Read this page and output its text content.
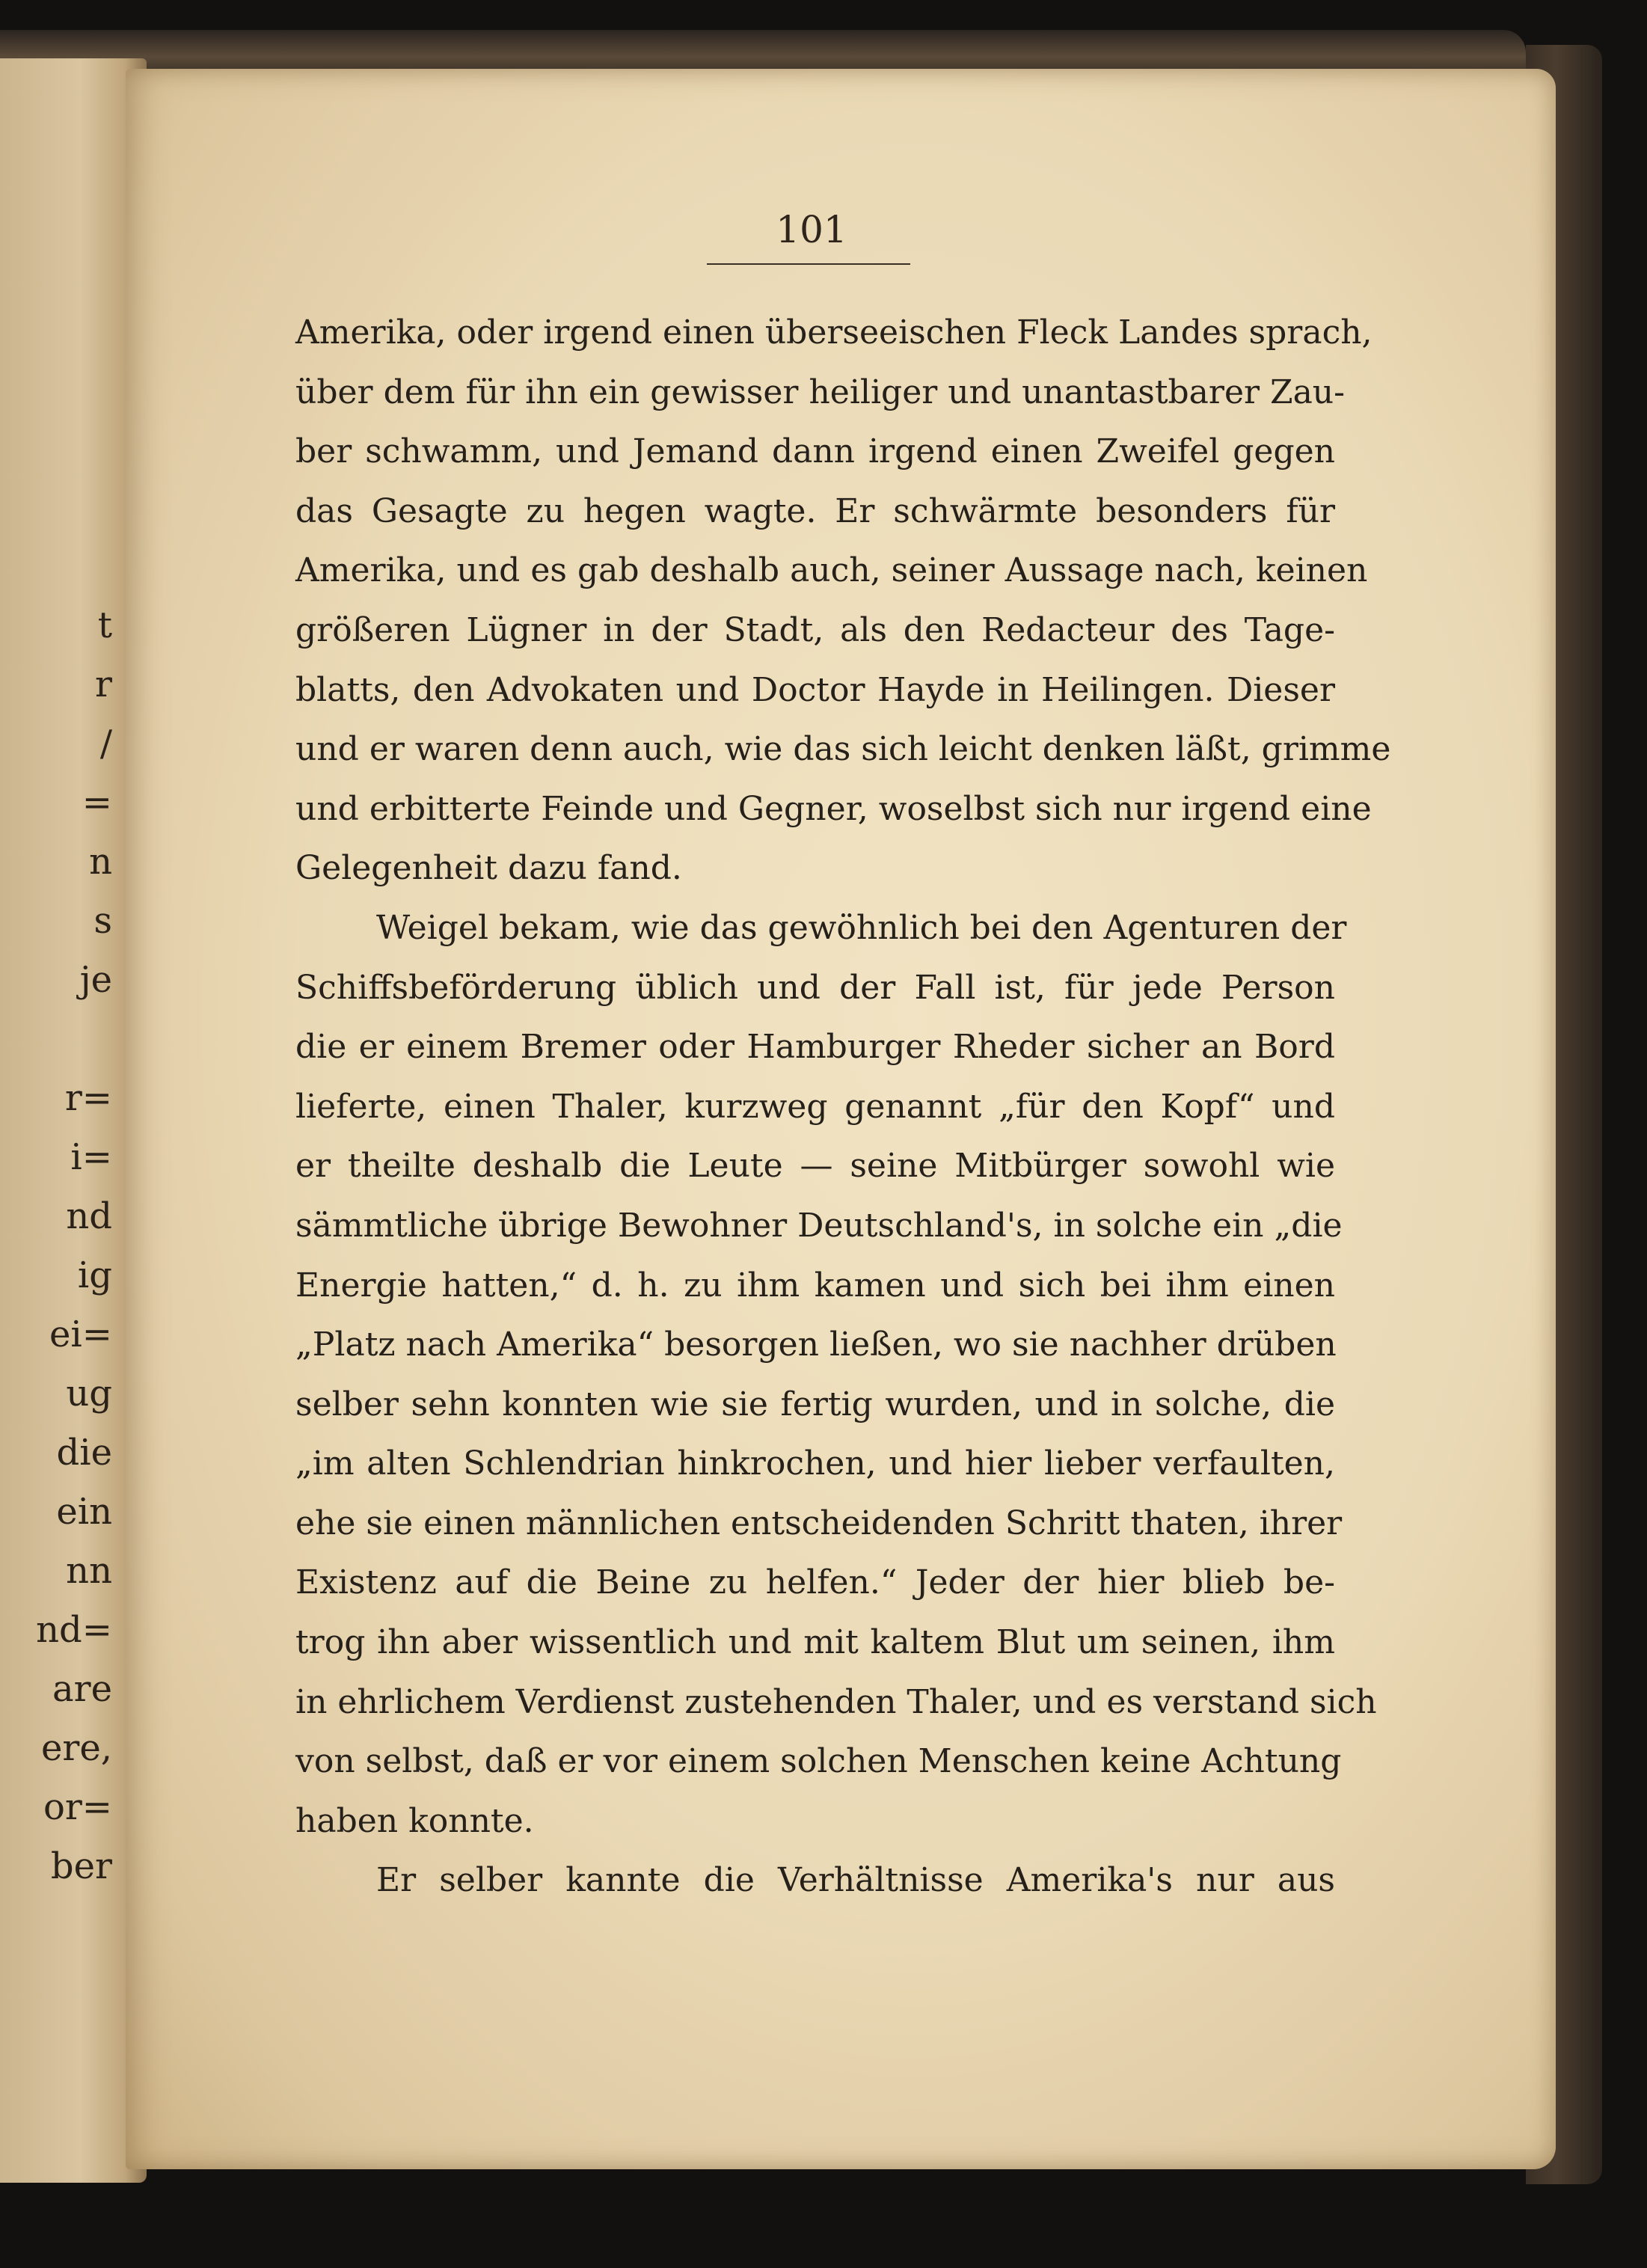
t
r
/
=
n
s
je
r=
i=
nd
ig
ei=
ug
die
ein
nn
nd=
are
ere,
or=
ber
101
Amerika, oder irgend einen überseeischen Fleck Landes sprach,
über dem für ihn ein gewisser heiliger und unantastbarer Zau-
ber schwamm, und Jemand dann irgend einen Zweifel gegen
das Gesagte zu hegen wagte. Er schwärmte besonders für
Amerika, und es gab deshalb auch, seiner Aussage nach, keinen
größeren Lügner in der Stadt, als den Redacteur des Tage-
blatts, den Advokaten und Doctor Hayde in Heilingen. Dieser
und er waren denn auch, wie das sich leicht denken läßt, grimme
und erbitterte Feinde und Gegner, woselbst sich nur irgend eine
Gelegenheit dazu fand.
Weigel bekam, wie das gewöhnlich bei den Agenturen der
Schiffsbeförderung üblich und der Fall ist, für jede Person
die er einem Bremer oder Hamburger Rheder sicher an Bord
lieferte, einen Thaler, kurzweg genannt „für den Kopf“ und
er theilte deshalb die Leute — seine Mitbürger sowohl wie
sämmtliche übrige Bewohner Deutschland's, in solche ein „die
Energie hatten,“ d. h. zu ihm kamen und sich bei ihm einen
„Platz nach Amerika“ besorgen ließen, wo sie nachher drüben
selber sehn konnten wie sie fertig wurden, und in solche, die
„im alten Schlendrian hinkrochen, und hier lieber verfaulten,
ehe sie einen männlichen entscheidenden Schritt thaten, ihrer
Existenz auf die Beine zu helfen.“ Jeder der hier blieb be-
trog ihn aber wissentlich und mit kaltem Blut um seinen, ihm
in ehrlichem Verdienst zustehenden Thaler, und es verstand sich
von selbst, daß er vor einem solchen Menschen keine Achtung
haben konnte.
Er selber kannte die Verhältnisse Amerika's nur aus
